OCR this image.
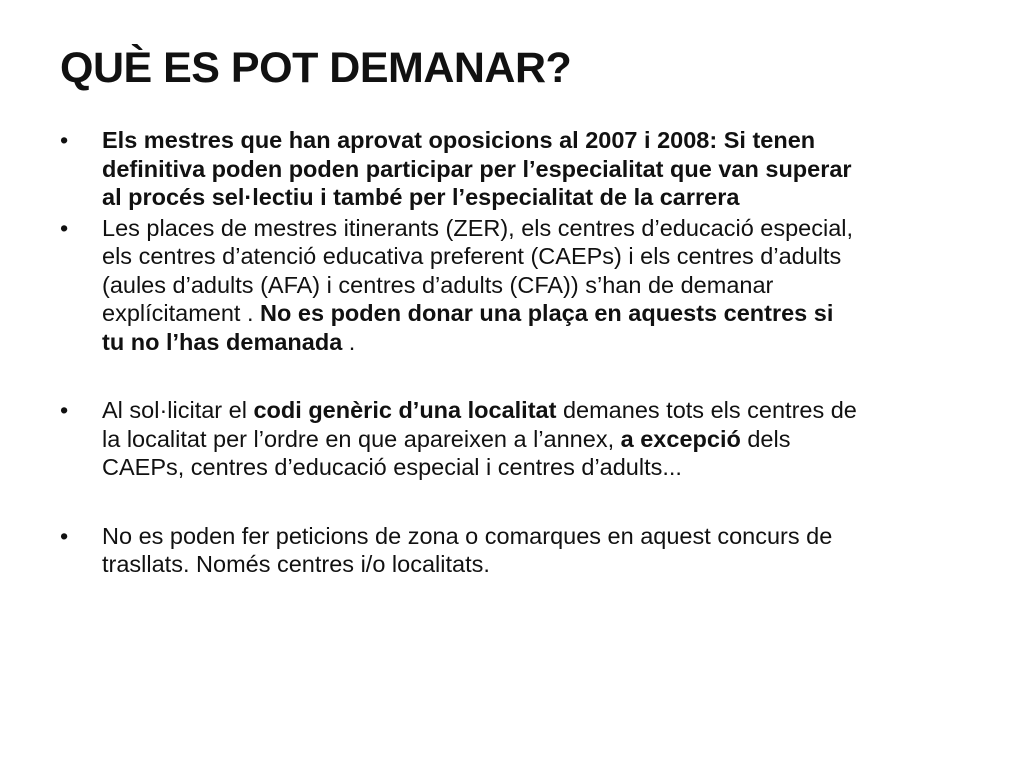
QUÈ ES POT DEMANAR?
• Els mestres que han aprovat oposicions al 2007 i 2008: Si tenen
definitiva poden poden participar per l’especialitat que van superar
al procés sel·lectiu i també per l’especialitat de la carrera
• Les places de mestres itinerants (ZER), els centres d’educació especial,
els centres d’atenció educativa preferent (CAEPs) i els centres d’adults
(aules d’adults (AFA) i centres d’adults (CFA)) s’han de demanar
explícitament . No es poden donar una plaça en aquests centres si
tu no l’has demanada .
• Al sol·licitar el codi genèric d’una localitat demanes tots els centres de
la localitat per l’ordre en que apareixen a l’annex, a excepció dels
CAEPs, centres d’educació especial i centres d’adults...
• No es poden fer peticions de zona o comarques en aquest concurs de
trasllats. Només centres i/o localitats.
